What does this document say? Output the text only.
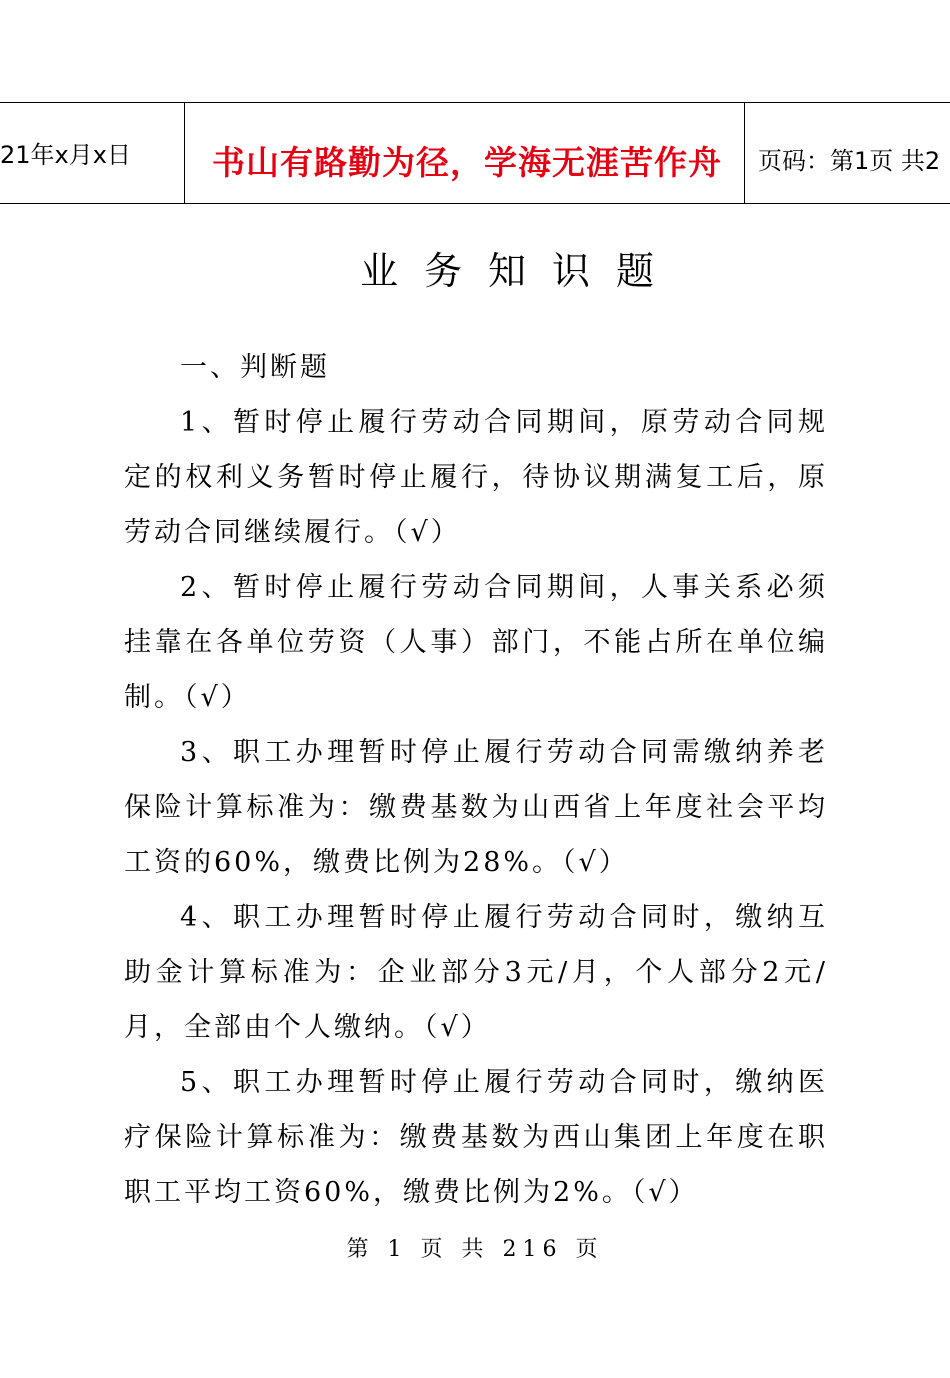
21年x月x日 书山有路勤为径，学海无涯苦作舟 页码：第1页 共2
业务知识题

一、判断题

1、暂时停止履行劳动合同期间，原劳动合同规定的权利义务暂时停止履行，待协议期满复工后，原劳动合同继续履行。（√）

2、暂时停止履行劳动合同期间，人事关系必须挂靠在各单位劳资（人事）部门，不能占所在单位编制。（√）

3、职工办理暂时停止履行劳动合同需缴纳养老保险计算标准为：缴费基数为山西省上年度社会平均工资的60%，缴费比例为28%。（√）

4、职工办理暂时停止履行劳动合同时，缴纳互助金计算标准为：企业部分3元/月，个人部分2元/月，全部由个人缴纳。（√）

5、职工办理暂时停止履行劳动合同时，缴纳医疗保险计算标准为：缴费基数为西山集团上年度在职职工平均工资60%，缴费比例为2%。（√）

第 1 页 共 216 页
